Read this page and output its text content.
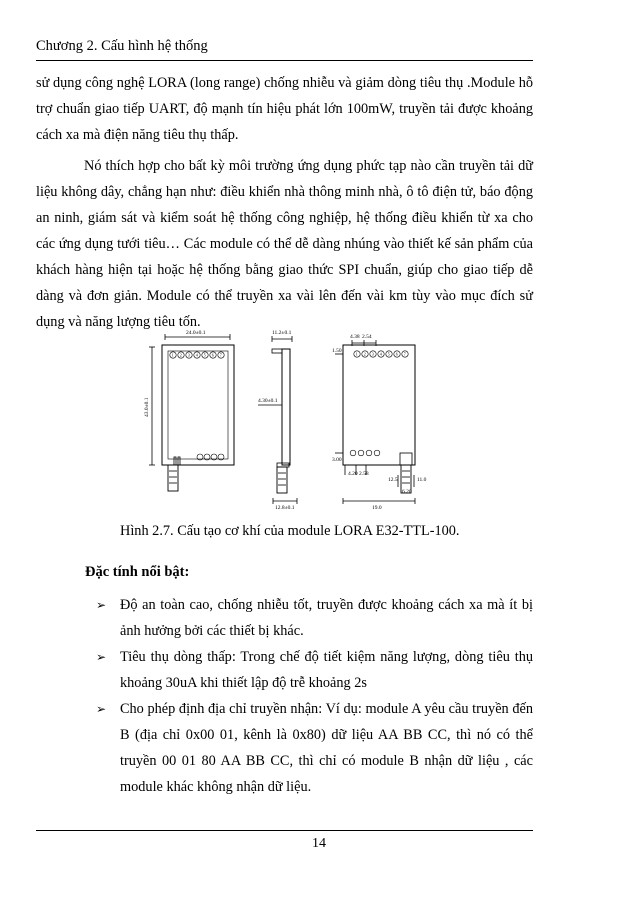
Chương 2. Cấu hình hệ thống
sử dụng công nghệ LORA (long range) chống nhiễu và giảm dòng tiêu thụ .Module hỗ trợ chuẩn giao tiếp UART, độ mạnh tín hiệu phát lớn 100mW, truyền tải được khoảng cách xa mà điện năng tiêu thụ thấp.
Nó thích hợp cho bất kỳ môi trường ứng dụng phức tạp nào cần truyền tải dữ liệu không dây, chẳng hạn như: điều khiển nhà thông minh nhà, ô tô điện tử, báo động an ninh, giám sát và kiểm soát hệ thống công nghiệp, hệ thống điều khiển từ xa cho các ứng dụng tưới tiêu… Các module có thể dễ dàng nhúng vào thiết kế sản phẩm của khách hàng hiện tại hoặc hệ thống bằng giao thức SPI chuẩn, giúp cho giao tiếp dễ dàng và đơn giản. Module có thể truyền xa vài lên đến vài km tùy vào mục đích sử dụng và năng lượng tiêu tốn.
24.0±0.1
43.0±0.1
11.2±0.1
4.30±0.1
12.8±0.1
4.38 2.54
1.50
3.00
4.20 2.58
12.5
6.20
11.0
19.0
1 2 3 4 5 6 7	1 2 3 4 5 6 7
Hình 2.7. Cấu tạo cơ khí của module LORA E32-TTL-100.
Đặc tính nổi bật:
➢ Độ an toàn cao, chống nhiễu tốt, truyền được khoảng cách xa mà ít bị ảnh hưởng bởi các thiết bị khác.
➢ Tiêu thụ dòng thấp: Trong chế độ tiết kiệm năng lượng, dòng tiêu thụ khoảng 30uA khi thiết lập độ trễ khoảng 2s
➢ Cho phép định địa chỉ truyền nhận: Ví dụ: module A yêu cầu truyền đến B (địa chỉ 0x00 01, kênh là 0x80) dữ liệu AA BB CC, thì nó có thể truyền 00 01 80 AA BB CC, thì chỉ có module B nhận dữ liệu , các module khác không nhận dữ liệu.
14
